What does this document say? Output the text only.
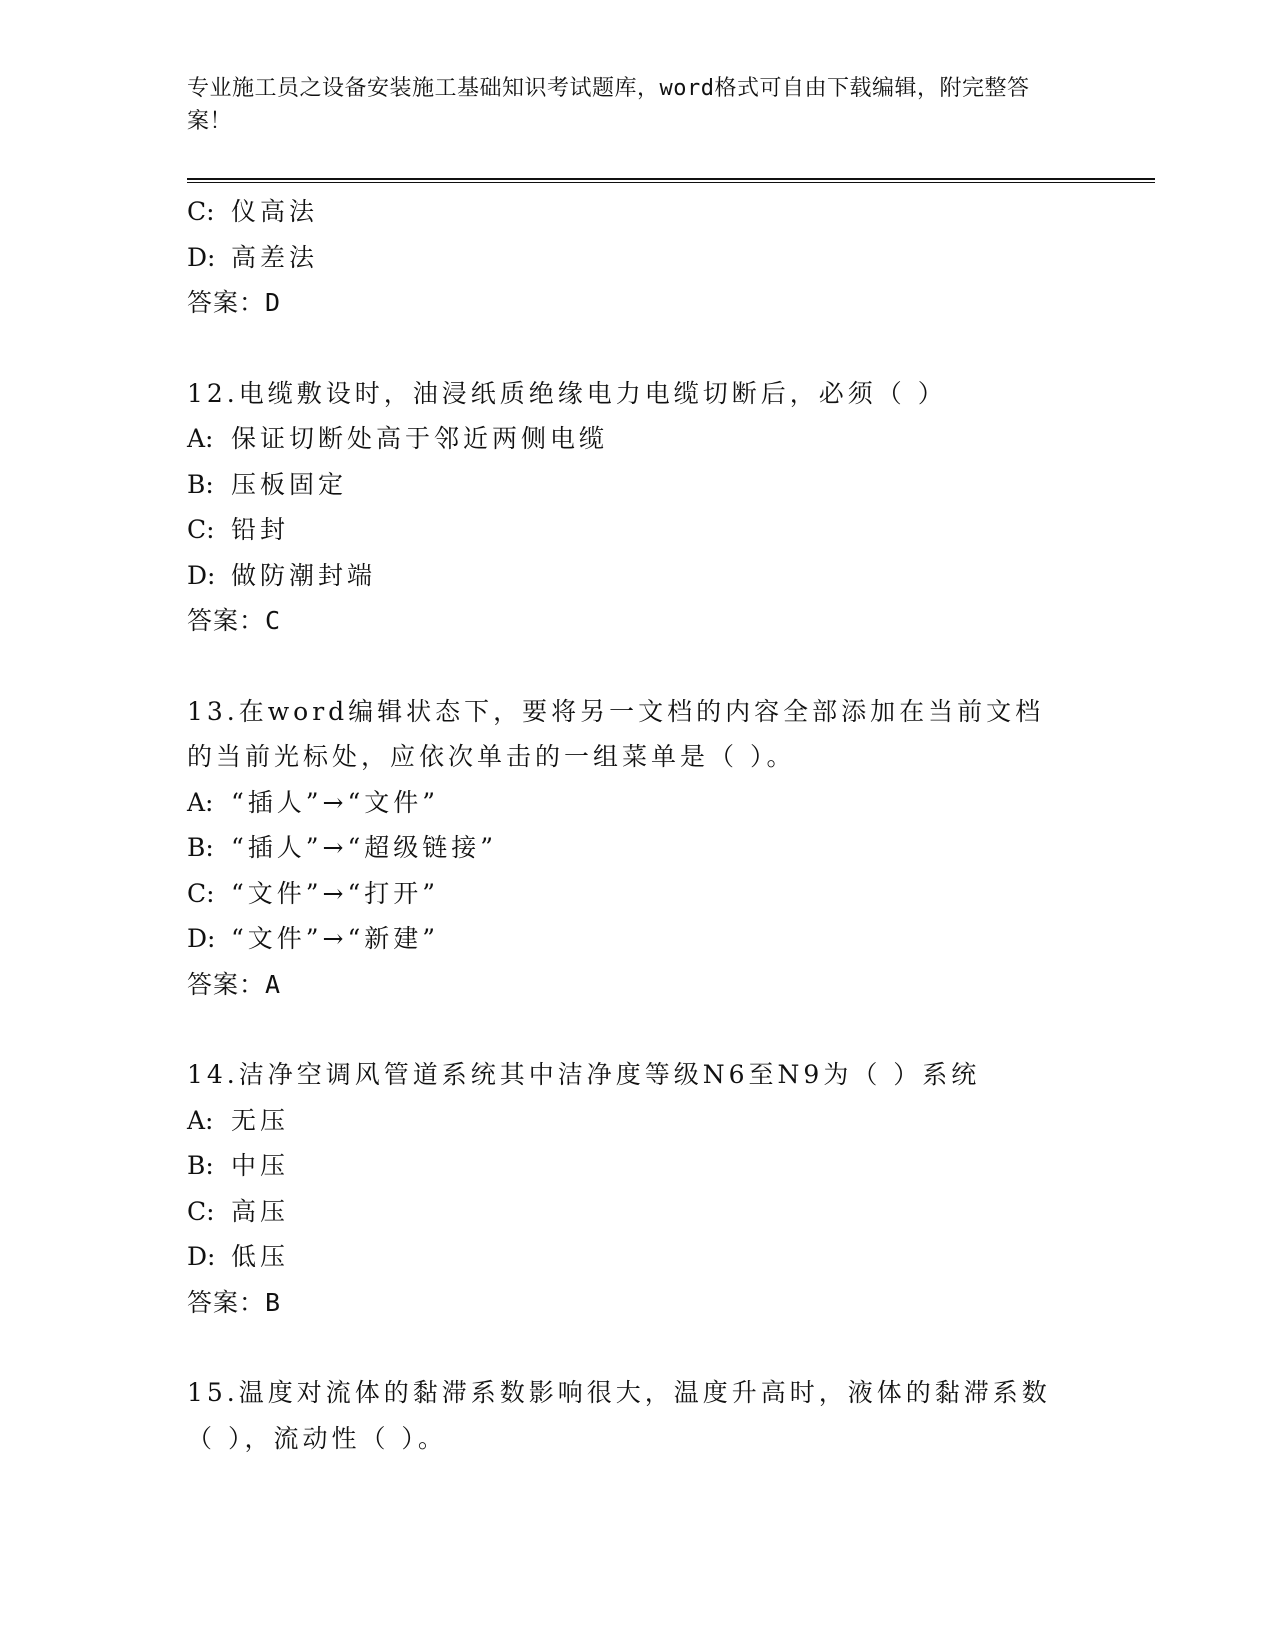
专业施工员之设备安装施工基础知识考试题库，word格式可自由下载编辑，附完整答案！
C: 仪高法
D: 高差法
答案：D
12.电缆敷设时，油浸纸质绝缘电力电缆切断后，必须（ ）
A: 保证切断处高于邻近两侧电缆
B: 压板固定
C: 铅封
D: 做防潮封端
答案：C
13.在word编辑状态下，要将另一文档的内容全部添加在当前文档的当前光标处，应依次单击的一组菜单是（ ）。
A: “插人”→“文件”
B: “插人”→“超级链接”
C: “文件”→“打开”
D: “文件”→“新建”
答案：A
14.洁净空调风管道系统其中洁净度等级N6至N9为（ ）系统
A: 无压
B: 中压
C: 高压
D: 低压
答案：B
15.温度对流体的黏滞系数影响很大，温度升高时，液体的黏滞系数（ ），流动性（ ）。
